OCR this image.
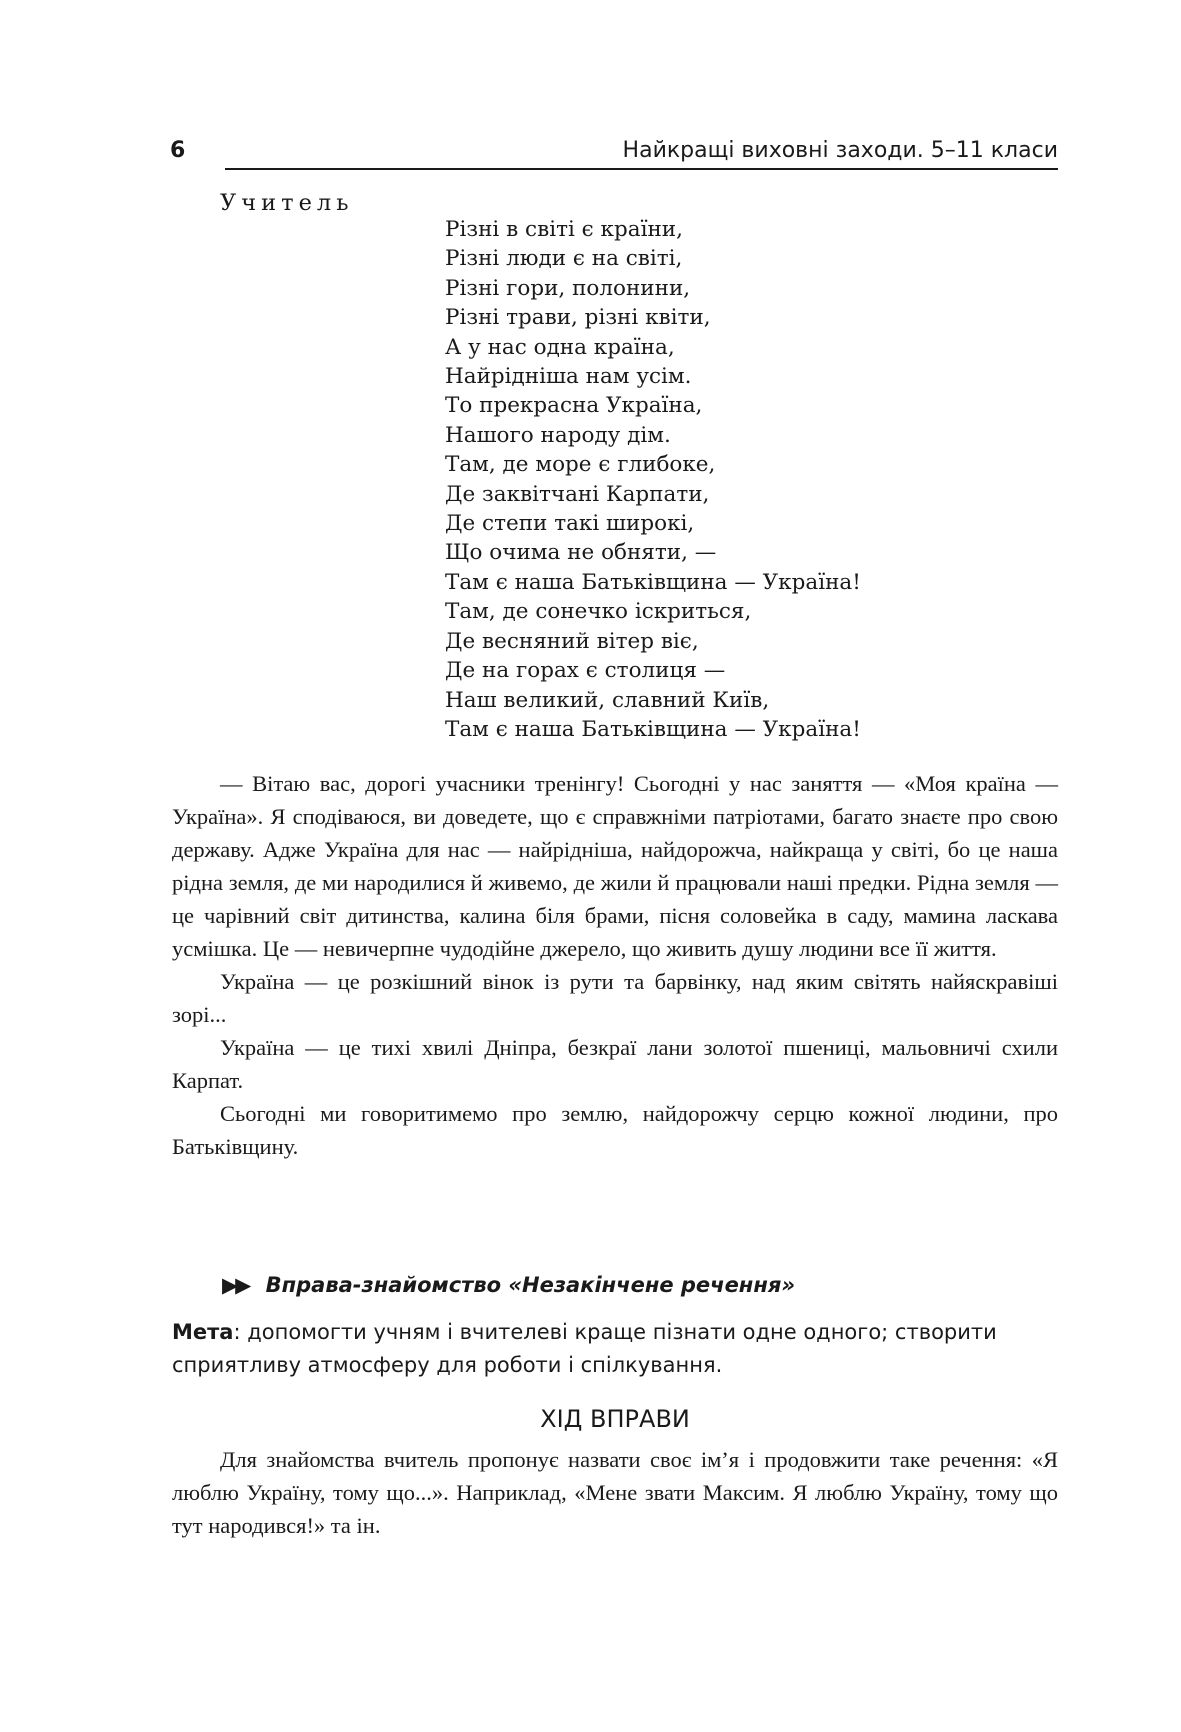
6	Найкращі виховні заходи. 5–11 класи
Учитель
Різні в світі є країни,
Різні люди є на світі,
Різні гори, полонини,
Різні трави, різні квіти,
А у нас одна країна,
Найрідніша нам усім.
То прекрасна Україна,
Нашого народу дім.
Там, де море є глибоке,
Де заквітчані Карпати,
Де степи такі широкі,
Що очима не обняти, —
Там є наша Батьківщина — Україна!
Там, де сонечко іскриться,
Де весняний вітер віє,
Де на горах є столиця —
Наш великий, славний Київ,
Там є наша Батьківщина — Україна!

— Вітаю вас, дорогі учасники тренінгу! Сьогодні у нас заняття — «Моя країна — Україна». Я сподіваюся, ви доведете, що є справжніми патріотами, багато знаєте про свою державу. Адже Україна для нас — найрідніша, найдорожча, найкраща у світі, бо це наша рідна земля, де ми народилися й живемо, де жили й працювали наші предки. Рідна земля — це чарівний світ дитинства, калина біля брами, пісня соловейка в саду, мамина ласкава усмішка. Це — невичерпне чудодійне джерело, що живить душу людини все її життя.

Україна — це розкішний вінок із рути та барвінку, над яким світять найяскравіші зорі...

Україна — це тихі хвилі Дніпра, безкраї лани золотої пшениці, мальовничі схили Карпат.

Сьогодні ми говоритимемо про землю, найдорожчу серцю кожної людини, про Батьківщину.

▶▶ Вправа-знайомство «Незакінчене речення»
Мета: допомогти учням і вчителеві краще пізнати одне одного; створити сприятливу атмосферу для роботи і спілкування.
ХІД ВПРАВИ

Для знайомства вчитель пропонує назвати своє ім’я і продовжити таке речення: «Я люблю Україну, тому що...». Наприклад, «Мене звати Максим. Я люблю Україну, тому що тут народився!» та ін.
